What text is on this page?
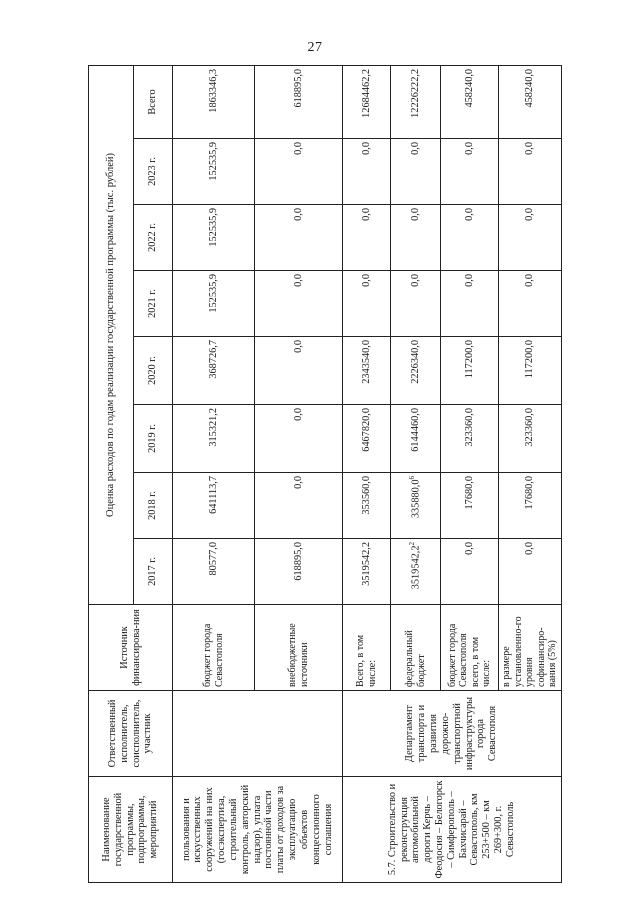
27
Наименование государственной программы, подпрограммы, мероприятий	Ответственный исполнитель, соисполнитель, участник	Источник финансирова-ния	Оценка расходов по годам реализации государственной программы (тыс. рублей)							
			2017 г.	2018 г.	2019 г.	2020 г.	2021 г.	2022 г.	2023 г.	Всего
пользования и искусственных сооружений на них (госэкспертиза, строительный контроль, авторский надзор), уплата постоянной части платы от доходов за эксплуатацию объектов концессионного соглашения		бюджет города Севастополя	80577,0	641113,7	315321,2	368726,7	152535,9	152535,9	152535,9	1863346,3
		внебюджетные источники	618895,0	0,0	0,0	0,0	0,0	0,0	0,0	618895,0
5.7. Строительство и реконструкция автомобильной дороги Керчь – Феодосия – Белогорск – Симферополь – Бахчисарай – Севастополь, км 253+500 – км 269+300, г. Севастополь	Департамент транспорта и развития дорожно-транспортной инфраструктуры города Севастополя	Всего, в том числе:	3519542,2	353560,0	6467820,0	2343540,0	0,0	0,0	0,0	12684462,2
		федеральный бюджет	3519542,2$^2$	335880,0$^6$	6144460,0	2226340,0	0,0	0,0	0,0	12226222,2
		бюджет города Севастополя всего, в том числе:	0,0	17680,0	323360,0	117200,0	0,0	0,0	0,0	458240,0
		в размере установленно-го уровня софинансиро-вания (5%)	0,0	17680,0	323360,0	117200,0	0,0	0,0	0,0	458240,0
